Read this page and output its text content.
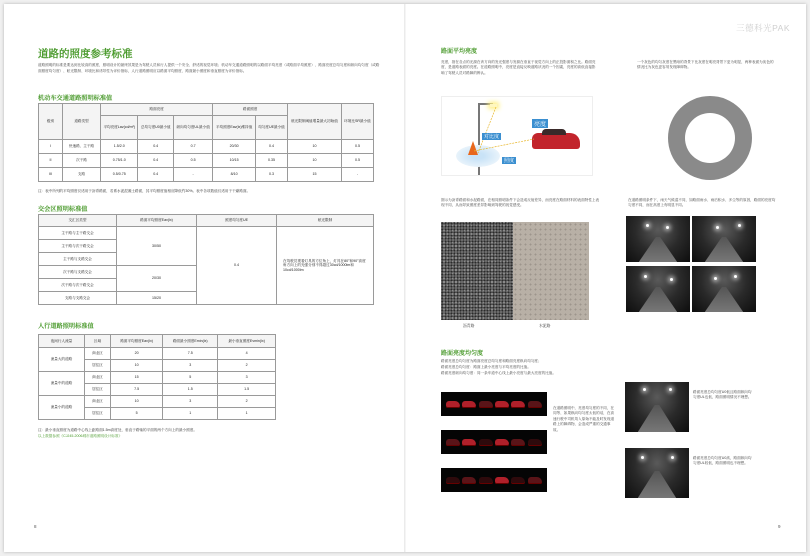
道路的照度参考标准
道路照明的标准是要达到比较高的照度，照明设计的最终效果是为驾驶人员和行人提供一个安全、舒适的视觉环境；机动车交通道路照明的以路面平均亮度（或路面平均照度）、路面亮度总均匀度和纵向均匀度（或路面照度均匀度）、眩光限制、环境比和诱导性为评价指标，人行道路照明应以路面平均照度、路面最小照度和垂直照度为评价指标。
机动车交通道路照明标准值
级别	道路类型	路面亮度			路面照度		眩光限制阈值增量最大初始值	环境比SR最小值
		平均亮度Lav(cd/m²)	总均匀度U0最小值	纵向均匀度UL最小值	平均照度Eav(lx)维持值	均匀度UE最小值		
I	快速路、主干路	1.5/2.0	0.4	0.7	20/30	0.4	10	0.5
II	次干路	0.75/1.0	0.4	0.5	10/15	0.35	10	0.5
III	支路	0.5/0.75	0.4	-	8/10	0.3	15	-
注：表中所列的平均照度仅适用于沥青路面，若系水泥混凝土路面，其平均照度值相应降低约30%。表中各项数值仅适用于干燥路面。
交会区照明标准值
交汇区类型	路面平均照度Eav(lx)	照度均匀度UE	眩光限制
主干路与主干路交会	30/50	0.4	在驾驶员观看灯具的方位角上，灯具在80°和90°高度角方向上的光强分别不得超过30cd/1000lm和10cd/1000lm
主干路与次干路交会			
主干路与支路交会			
次干路与支路交会	20/30		
次干路与次干路交会			
支路与支路交会	15/20		
人行道路照明标准值
夜间行人流量	区域	路面平均照度Eav(lx)	路面最小照度Emin(lx)	最小垂直照度Evmin(lx)
流量大的道路	商业区	20	7.5	4
	居住区	10	3	2
流量中的道路	商业区	15	5	3
	居住区	7.5	1.5	1.5
流量小的道路	商业区	10	3	2
	居住区	5	1	1
注：最小垂直照度为道路中心线上距路面1.5m高度处，垂直于路轴的平面的两个方向上的最小照度。
以上数据参照《CJJ45-2006城市道路照明设计标准》
8
三德科光PAK
路面平均亮度
亮度，指在各点的光源在该方向的发光强度与发源在垂直于视觉方向上的正投影面积之比。路面亮度，是道路表面的亮度。在道路照明中，亮度是直接反映道路状况的一个因素，亮度的高低直接影响了驾驶人员对路障的辨认。
亮度
对比度
照度
一个灰色的均匀灰度在黑暗的背景下比灰度在明亮背景下更为明显，两种表面为灰色的情况比为灰色更容易发现障碍物。
图示为沥青路面和水泥路面，在相同照明条件下会造成反射差异，而亮度在路面材料的表面特性上表现不同，从而导致照度差异影响到驾驶的视觉感受。
沥青路	水泥路
在道路照明条件下，雨天气候湿不同，如路面雨水、雨后积水、多尘等的原因，路面的亮度均匀度不同，而在高度上有明显不同。
路面亮度均匀度
路面亮度总均匀度为路面亮度总均匀度和路面亮度纵向均匀度；
路面亮度总均匀度：路面上最小亮度与平均亮度的比值。
路面亮度纵向均匀度：同一条车道中心线上最小亮度与最大亮度的比值。
在道路照明中，亮度均匀度的不同，在同等、如果纵向均匀度太低的话，在高速行驶中司机驾入原始不能及时发现道路上的障碍物，会造成严重的交通事故。
路面亮度总均匀度U0低且路面纵向均匀度UL也低，路面照明情况不理想。
路面亮度总均匀度U0高，路面纵向均匀度UL较低，路面照明也不理想。
9
